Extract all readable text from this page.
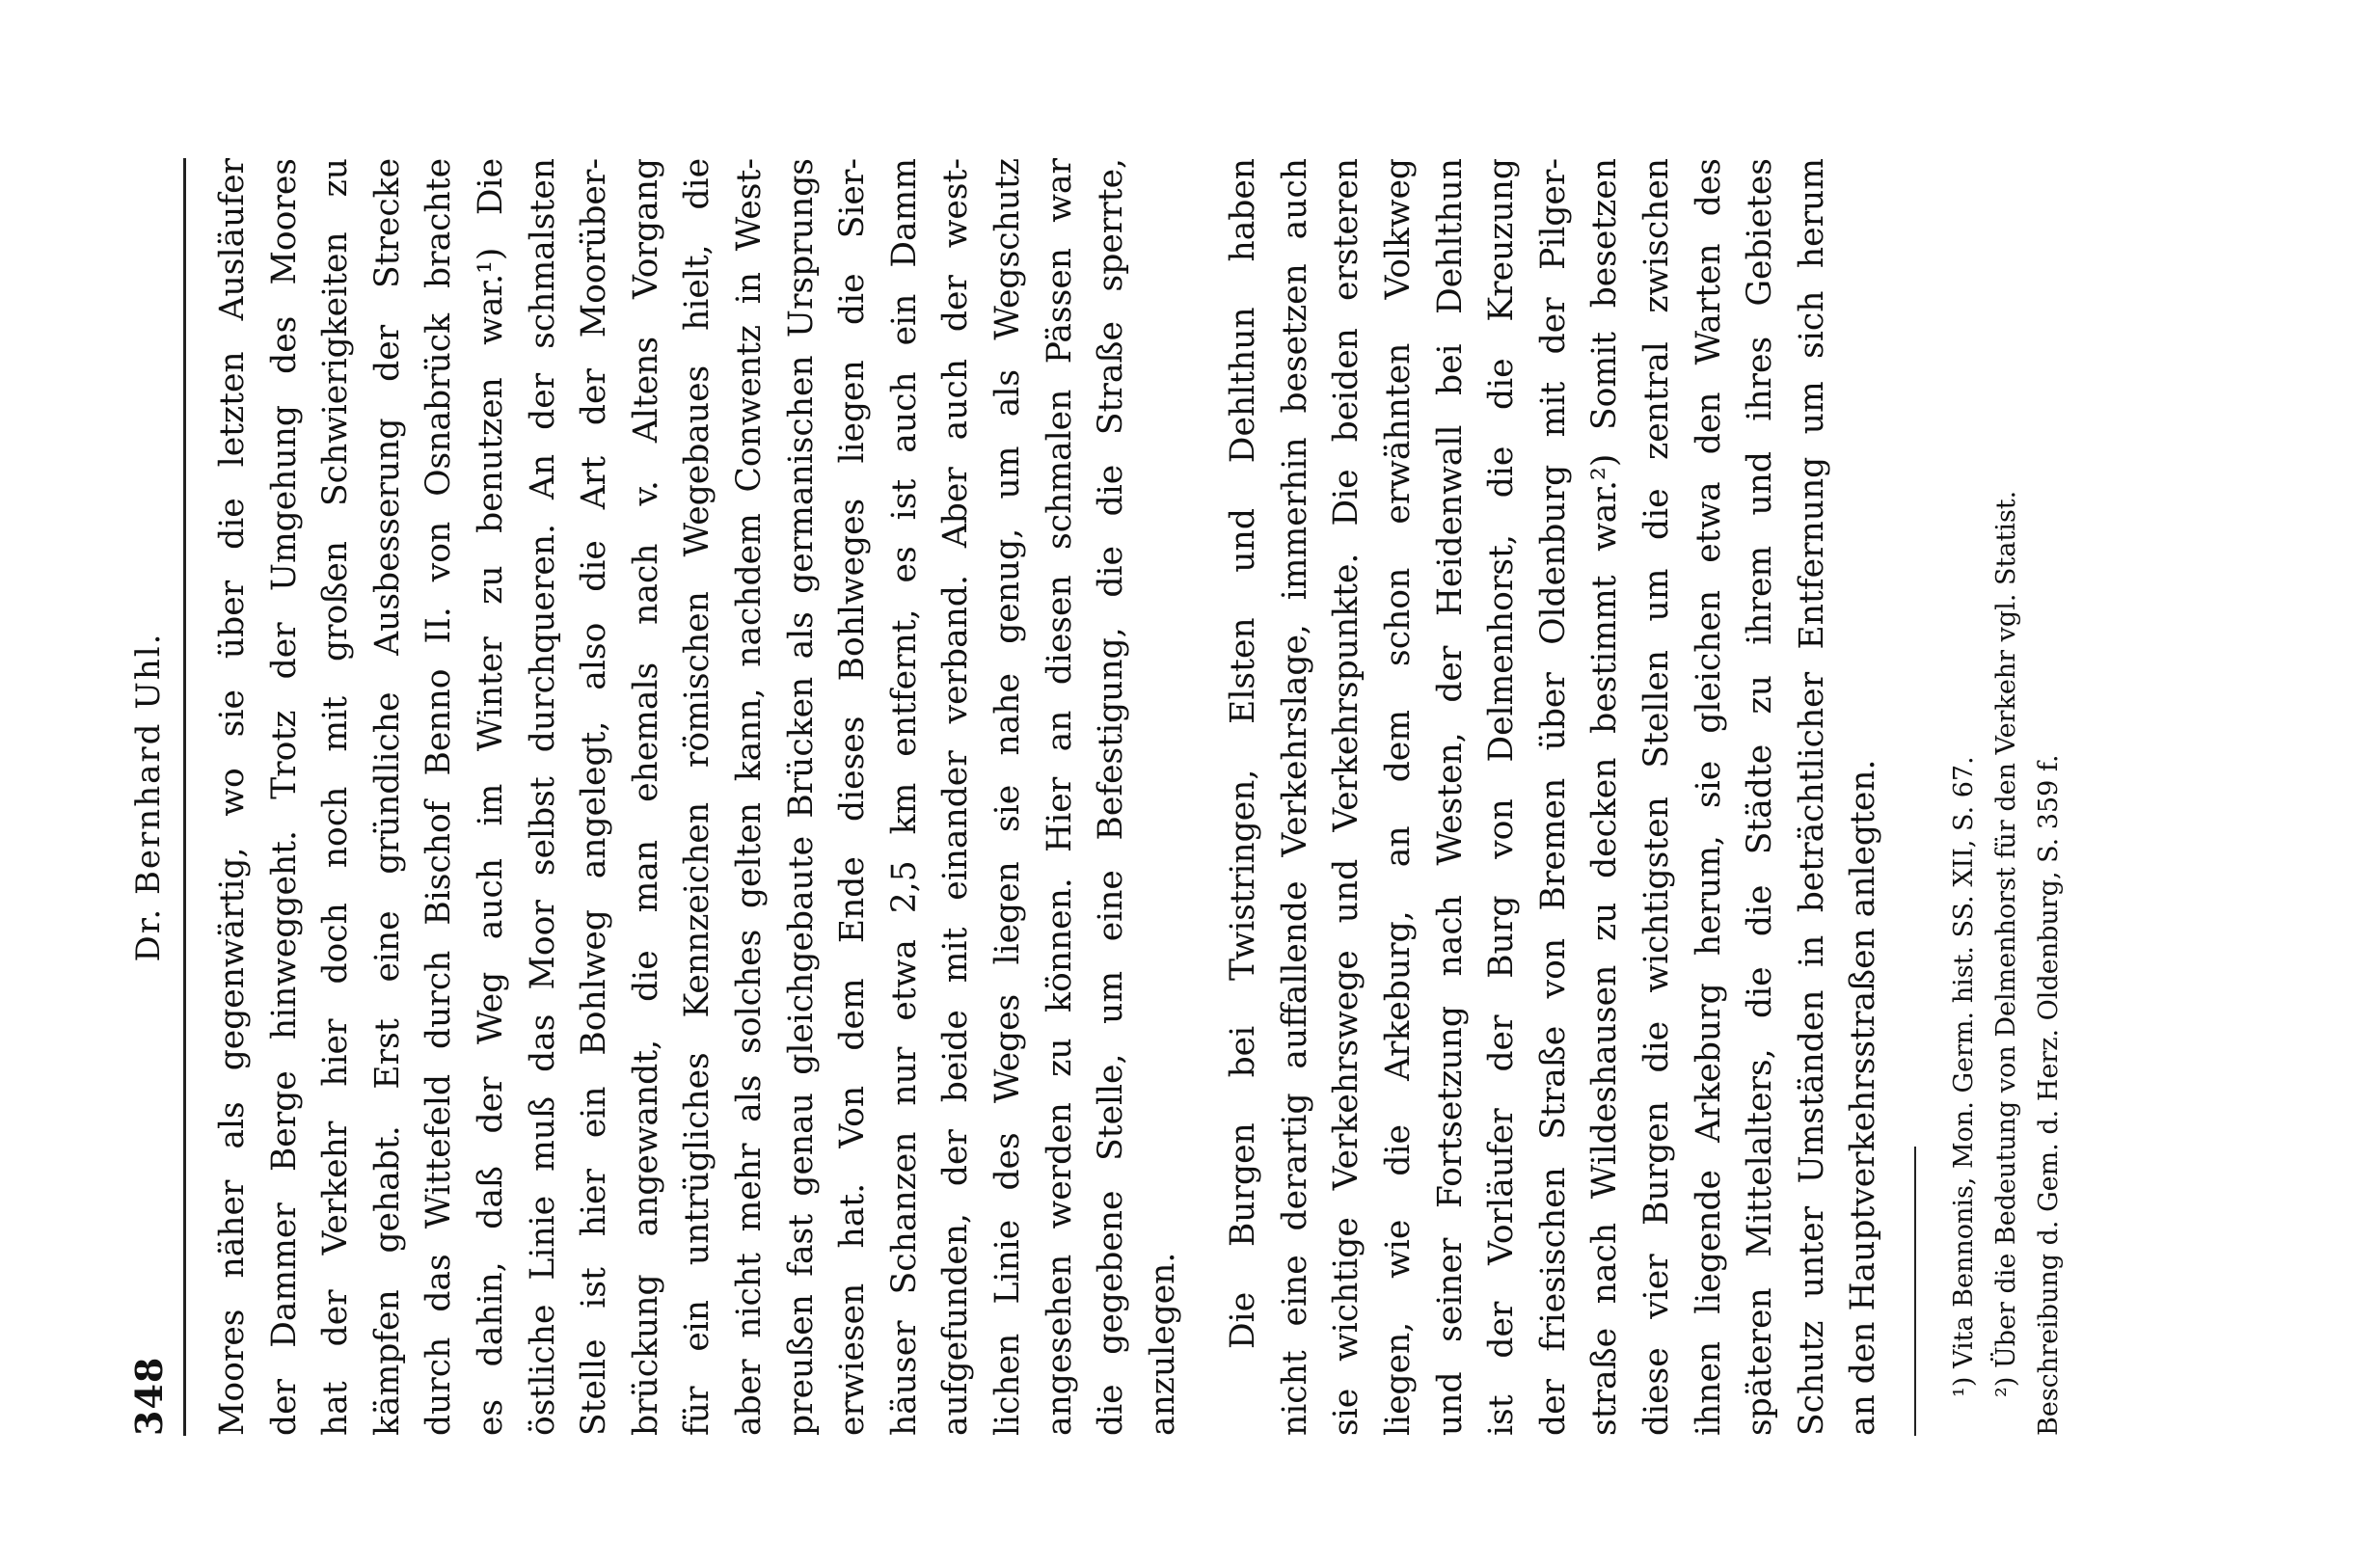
348
Dr. Bernhard Uhl. Moores näher als gegenwärtig, wo sie über die letzten Ausläufer der Dammer Berge hinweggeht. Trotz der Umgehung des Moores hat der Verkehr hier doch noch mit großen Schwierigkeiten zu kämpfen gehabt. Erst eine gründliche Ausbesserung der Strecke durch das Wittefeld durch Bischof Benno II. von Osnabrück brachte es dahin, daß der Weg auch im Winter zu benutzen war.¹) Die östliche Linie muß das Moor selbst durchqueren. An der schmalsten Stelle ist hier ein Bohlweg angelegt, also die Art der Moorüber- brückung angewandt, die man ehemals nach v. Altens Vorgang für ein untrügliches Kennzeichen römischen Wegebaues hielt, die aber nicht mehr als solches gelten kann, nachdem Conwentz in West- preußen fast genau gleichgebaute Brücken als germanischen Ursprungs erwiesen hat. Von dem Ende dieses Bohlweges liegen die Sier- häuser Schanzen nur etwa 2,5 km entfernt, es ist auch ein Damm aufgefunden, der beide mit einander verband. Aber auch der west- lichen Linie des Weges liegen sie nahe genug, um als Wegschutz angesehen werden zu können. Hier an diesen schmalen Pässen war die gegebene Stelle, um eine Befestigung, die die Straße sperrte, anzulegen. Die Burgen bei Twistringen, Elsten und Dehlthun haben nicht eine derartig auffallende Verkehrslage, immerhin besetzen auch sie wichtige Verkehrswege und Verkehrspunkte. Die beiden ersteren liegen, wie die Arkeburg, an dem schon erwähnten Volkweg und seiner Fortsetzung nach Westen, der Heidenwall bei Dehlthun ist der Vorläufer der Burg von Delmenhorst, die die Kreuzung der friesischen Straße von Bremen über Oldenburg mit der Pilger- straße nach Wildeshausen zu decken bestimmt war.²) Somit besetzen diese vier Burgen die wichtigsten Stellen um die zentral zwischen ihnen liegende Arkeburg herum, sie gleichen etwa den Warten des späteren Mittelalters, die die Städte zu ihrem und ihres Gebietes Schutz unter Umständen in beträchtlicher Entfernung um sich herum an den Hauptverkehrsstraßen anlegten.	¹) Vita Bennonis, Mon. Germ. hist. SS. XII, S. 67. ²) Über die Bedeutung von Delmenhorst für den Verkehr vgl. Statist. Beschreibung d. Gem. d. Herz. Oldenburg, S. 359 f.
